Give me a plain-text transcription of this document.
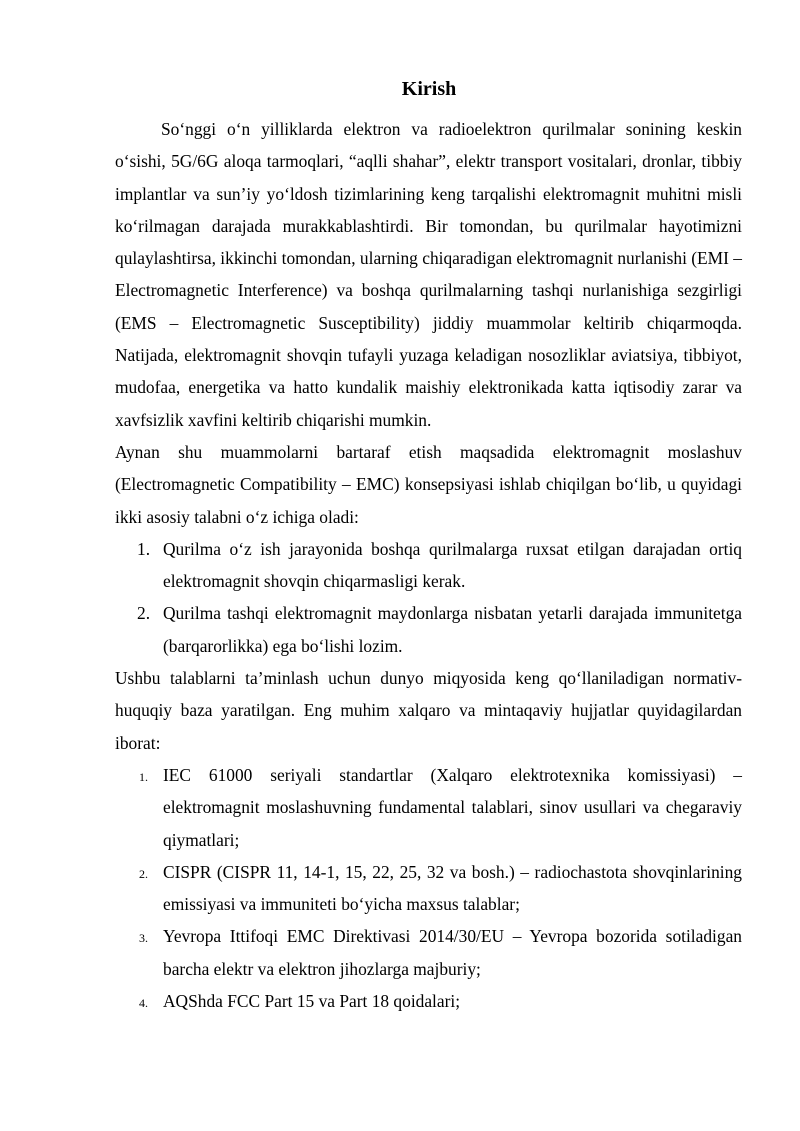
Kirish

So‘nggi o‘n yilliklarda elektron va radioelektron qurilmalar sonining keskin o‘sishi, 5G/6G aloqa tarmoqlari, “aqlli shahar”, elektr transport vositalari, dronlar, tibbiy implantlar va sun’iy yo‘ldosh tizimlarining keng tarqalishi elektromagnit muhitni misli ko‘rilmagan darajada murakkablashtirdi. Bir tomondan, bu qurilmalar hayotimizni qulaylashtirsa, ikkinchi tomondan, ularning chiqaradigan elektromagnit nurlanishi (EMI – Electromagnetic Interference) va boshqa qurilmalarning tashqi nurlanishiga sezgirligi (EMS – Electromagnetic Susceptibility) jiddiy muammolar keltirib chiqarmoqda. Natijada, elektromagnit shovqin tufayli yuzaga keladigan nosozliklar aviatsiya, tibbiyot, mudofaa, energetika va hatto kundalik maishiy elektronikada katta iqtisodiy zarar va xavfsizlik xavfini keltirib chiqarishi mumkin.

Aynan shu muammolarni bartaraf etish maqsadida elektromagnit moslashuv (Electromagnetic Compatibility – EMC) konsepsiyasi ishlab chiqilgan bo‘lib, u quyidagi ikki asosiy talabni o‘z ichiga oladi:

1. Qurilma o‘z ish jarayonida boshqa qurilmalarga ruxsat etilgan darajadan ortiq elektromagnit shovqin chiqarmasligi kerak.
2. Qurilma tashqi elektromagnit maydonlarga nisbatan yetarli darajada immunitetga (barqarorlikka) ega bo‘lishi lozim.

Ushbu talablarni ta’minlash uchun dunyo miqyosida keng qo‘llaniladigan normativ-huquqiy baza yaratilgan. Eng muhim xalqaro va mintaqaviy hujjatlar quyidagilardan iborat:

1. IEC 61000 seriyali standartlar (Xalqaro elektrotexnika komissiyasi) – elektromagnit moslashuvning fundamental talablari, sinov usullari va chegaraviy qiymatlari;
2. CISPR (CISPR 11, 14-1, 15, 22, 25, 32 va bosh.) – radiochastota shovqinlarining emissiyasi va immuniteti bo‘yicha maxsus talablar;
3. Yevropa Ittifoqi EMC Direktivasi 2014/30/EU – Yevropa bozorida sotiladigan barcha elektr va elektron jihozlarga majburiy;
4. AQShda FCC Part 15 va Part 18 qoidalari;
